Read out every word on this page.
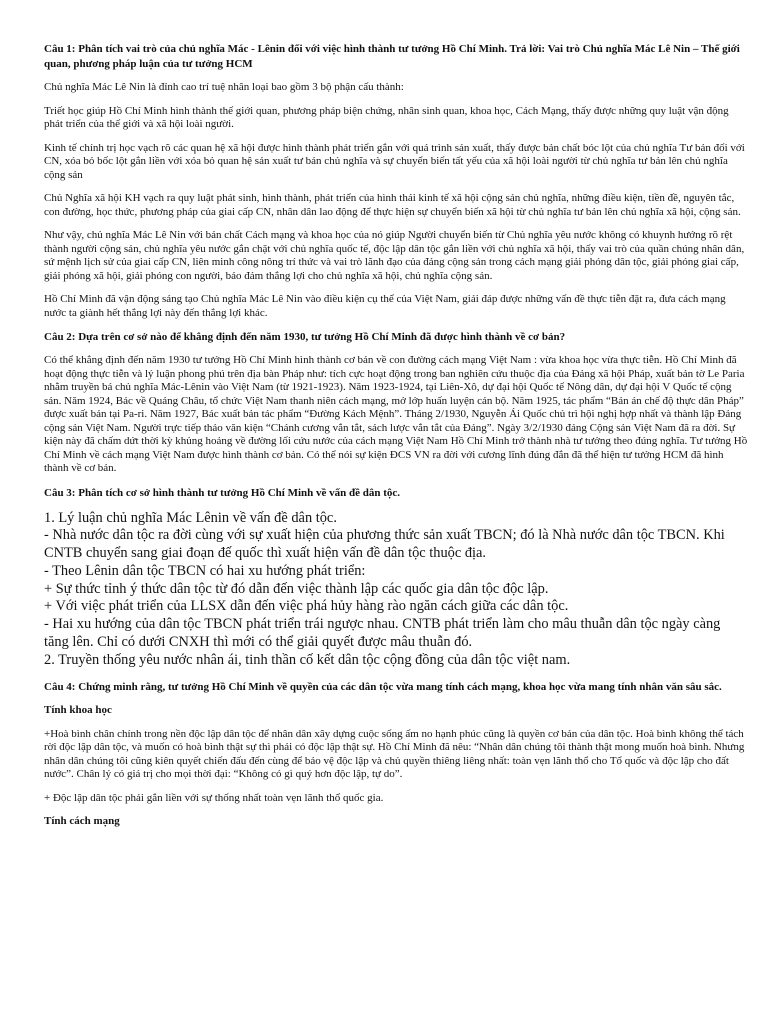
Câu 1: Phân tích vai trò của chủ nghĩa Mác - Lênin đối với việc hình thành tư tưởng Hồ Chí Minh. Trả lời: Vai trò Chủ nghĩa Mác Lê Nin – Thế giới quan, phương pháp luận của tư tưởng HCM

Chủ nghĩa Mác Lê Nin là đỉnh cao trí tuệ nhân loại bao gồm 3 bộ phận cấu thành:

Triết học giúp Hồ Chí Minh hình thành thế giới quan, phương pháp biện chứng, nhân sinh quan, khoa học, Cách Mạng, thấy được những quy luật vận động phát triển của thế giới và xã hội loài người.

Kinh tế chính trị học vạch rõ các quan hệ xã hội được hình thành phát triển gắn với quá trình sản xuất, thấy được bản chất bóc lột của chủ nghĩa Tư bản đối với CN, xóa bỏ bốc lột gắn liền với xóa bỏ quan hệ sản xuất tư bản chủ nghĩa và sự chuyển biến tất yếu của xã hội loài người từ chủ nghĩa tư bản lên chủ nghĩa cộng sản

Chủ Nghĩa xã hội KH vạch ra quy luật phát sinh, hình thành, phát triển của hình thái kinh tế xã hội cộng sản chủ nghĩa, những điều kiện, tiền đề, nguyên tắc, con đường, học thức, phương pháp của giai cấp CN, nhân dân lao động để thực hiện sự chuyển biến xã hội từ chủ nghĩa tư bản lên chủ nghĩa xã hội, cộng sản.

Như vậy, chủ nghĩa Mác Lê Nin với bản chất Cách mạng và khoa học của nó giúp Người chuyển biến từ Chủ nghĩa yêu nước không có khuynh hướng rõ rệt thành người cộng sản, chủ nghĩa yêu nước gắn chặt với chủ nghĩa quốc tế, độc lập dân tộc gắn liền với chủ nghĩa xã hội, thấy vai trò của quần chúng nhân dân, sứ mệnh lịch sử của giai cấp CN, liên minh công nông trí thức và vai trò lãnh đạo của đảng cộng sản trong cách mạng giải phóng dân tộc, giải phóng giai cấp, giải phóng xã hội, giải phóng con người, bảo đảm thắng lợi cho chủ nghĩa xã hội, chủ nghĩa cộng sản.

Hồ Chí Minh đã vận động sáng tạo Chủ nghĩa Mác Lê Nin vào điều kiện cụ thể của Việt Nam, giải đáp được những vấn đề thực tiễn đặt ra, đưa cách mạng nước ta giành hết thắng lợi này đến thắng lợi khác.

Câu 2: Dựa trên cơ sở nào để khẳng định đến năm 1930, tư tưởng Hồ Chí Minh đã được hình thành về cơ bản?

Có thể khẳng định đến năm 1930 tư tưởng Hồ Chí Minh hình thành cơ bản về con đường cách mạng Việt Nam : vừa khoa học vừa thực tiễn. Hồ Chí Minh đã hoạt động thực tiễn và lý luận phong phú trên địa bàn Pháp như: tích cực hoạt động trong ban nghiên cứu thuộc địa của Đảng xã hội Pháp, xuất bản tờ Le Paria nhằm truyền bá chủ nghĩa Mác-Lênin vào Việt Nam (từ 1921-1923). Năm 1923-1924, tại Liên-Xô, dự đại hội Quốc tế Nông dân, dự đại hội V Quốc tế cộng sản. Năm 1924, Bác về Quảng Châu, tổ chức Việt Nam thanh niên cách mạng, mở lớp huấn luyện cán bộ. Năm 1925, tác phẩm “Bản án chế độ thực dân Pháp” được xuất bản tại Pa-ri. Năm 1927, Bác xuất bản tác phẩm “Đường Kách Mệnh”. Tháng 2/1930, Nguyễn Ái Quốc chủ trì hội nghị hợp nhất và thành lập Đảng cộng sản Việt Nam. Người trực tiếp thảo văn kiện “Chánh cương vắn tắt, sách lược vắn tắt của Đảng”. Ngày 3/2/1930 đảng Cộng sản Việt Nam đã ra đời. Sự kiện này đã chấm dứt thời kỳ khủng hoảng về đường lối cứu nước của cách mạng Việt Nam Hồ Chí Minh trở thành nhà tư tưởng theo đúng nghĩa. Tư tưởng Hồ Chí Minh về cách mạng Việt Nam được hình thành cơ bản. Có thể nói sự kiện ĐCS VN ra đời với cương lĩnh đúng đắn đã thể hiện tư tưởng HCM đã hình thành về cơ bản.

Câu 3: Phân tích cơ sở hình thành tư tưởng Hồ Chí Minh về vấn đề dân tộc.
1. Lý luận chủ nghĩa Mác Lênin về vấn đề dân tộc.
- Nhà nước dân tộc ra đời cùng với sự xuất hiện của phương thức sản xuất TBCN; đó là Nhà nước dân tộc TBCN. Khi CNTB chuyển sang giai đoạn đế quốc thì xuất hiện vấn đề dân tộc thuộc địa.
- Theo Lênin dân tộc TBCN có hai xu hướng phát triển:
+ Sự thức tỉnh ý thức dân tộc từ đó dẫn đến việc thành lập các quốc gia dân tộc độc lập.
+ Với việc phát triển của LLSX dẫn đến việc phá hủy hàng rào ngăn cách giữa các dân tộc.
- Hai xu hướng của dân tộc TBCN phát triển trái ngược nhau. CNTB phát triển làm cho mâu thuẫn dân tộc ngày càng tăng lên. Chỉ có dưới CNXH thì mới có thể giải quyết được mâu thuẫn đó.
2. Truyền thống yêu nước nhân ái, tinh thần cố kết dân tộc cộng đồng của dân tộc việt nam.
Câu 4: Chứng minh rằng, tư tưởng Hồ Chí Minh về quyền của các dân tộc vừa mang tính cách mạng, khoa học vừa mang tính nhân văn sâu sắc.
Tính khoa học

+Hoà bình chân chính trong nền độc lập dân tộc để nhân dân xây dựng cuộc sống ấm no hạnh phúc cũng là quyền cơ bản của dân tộc. Hoà bình không thể tách rời độc lập dân tộc, và muốn có hoà bình thật sự thì phải có độc lập thật sự. Hồ Chí Minh đã nêu: “Nhân dân chúng tôi thành thật mong muốn hoà bình. Nhưng nhân dân chúng tôi cũng kiên quyết chiến đấu đến cùng để bảo vệ độc lập và chủ quyền thiêng liêng nhất: toàn vẹn lãnh thổ cho Tổ quốc và độc lập cho đất nước”. Chân lý có giá trị cho mọi thời đại: “Không có gì quý hơn độc lập, tự do”.

+ Độc lập dân tộc phải gắn liền với sự thống nhất toàn vẹn lãnh thổ quốc gia.

Tính cách mạng
